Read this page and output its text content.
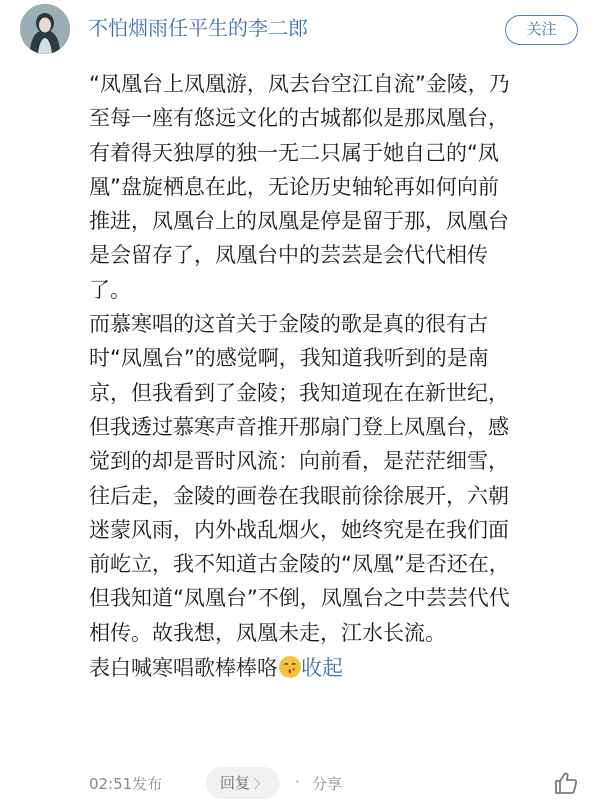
不怕烟雨任平生的李二郎	关注
“凤凰台上凤凰游，凤去台空江自流”金陵，乃
至每一座有悠远文化的古城都似是那凤凰台，
有着得天独厚的独一无二只属于她自己的“凤
凰”盘旋栖息在此，无论历史轴轮再如何向前
推进，凤凰台上的凤凰是停是留于那，凤凰台
是会留存了，凤凰台中的芸芸是会代代相传
了。
而慕寒唱的这首关于金陵的歌是真的很有古
时“凤凰台”的感觉啊，我知道我听到的是南
京，但我看到了金陵；我知道现在在新世纪，
但我透过慕寒声音推开那扇门登上凤凰台，感
觉到的却是晋时风流：向前看，是茫茫细雪，
往后走，金陵的画卷在我眼前徐徐展开，六朝
迷蒙风雨，内外战乱烟火，她终究是在我们面
前屹立，我不知道古金陵的“凤凰”是否还在，
但我知道“凤凰台”不倒，凤凰台之中芸芸代代
相传。故我想，凤凰未走，江水长流。
表白喊寒唱歌棒棒咯 收起
02:51发布	回复 〉	· 分享
